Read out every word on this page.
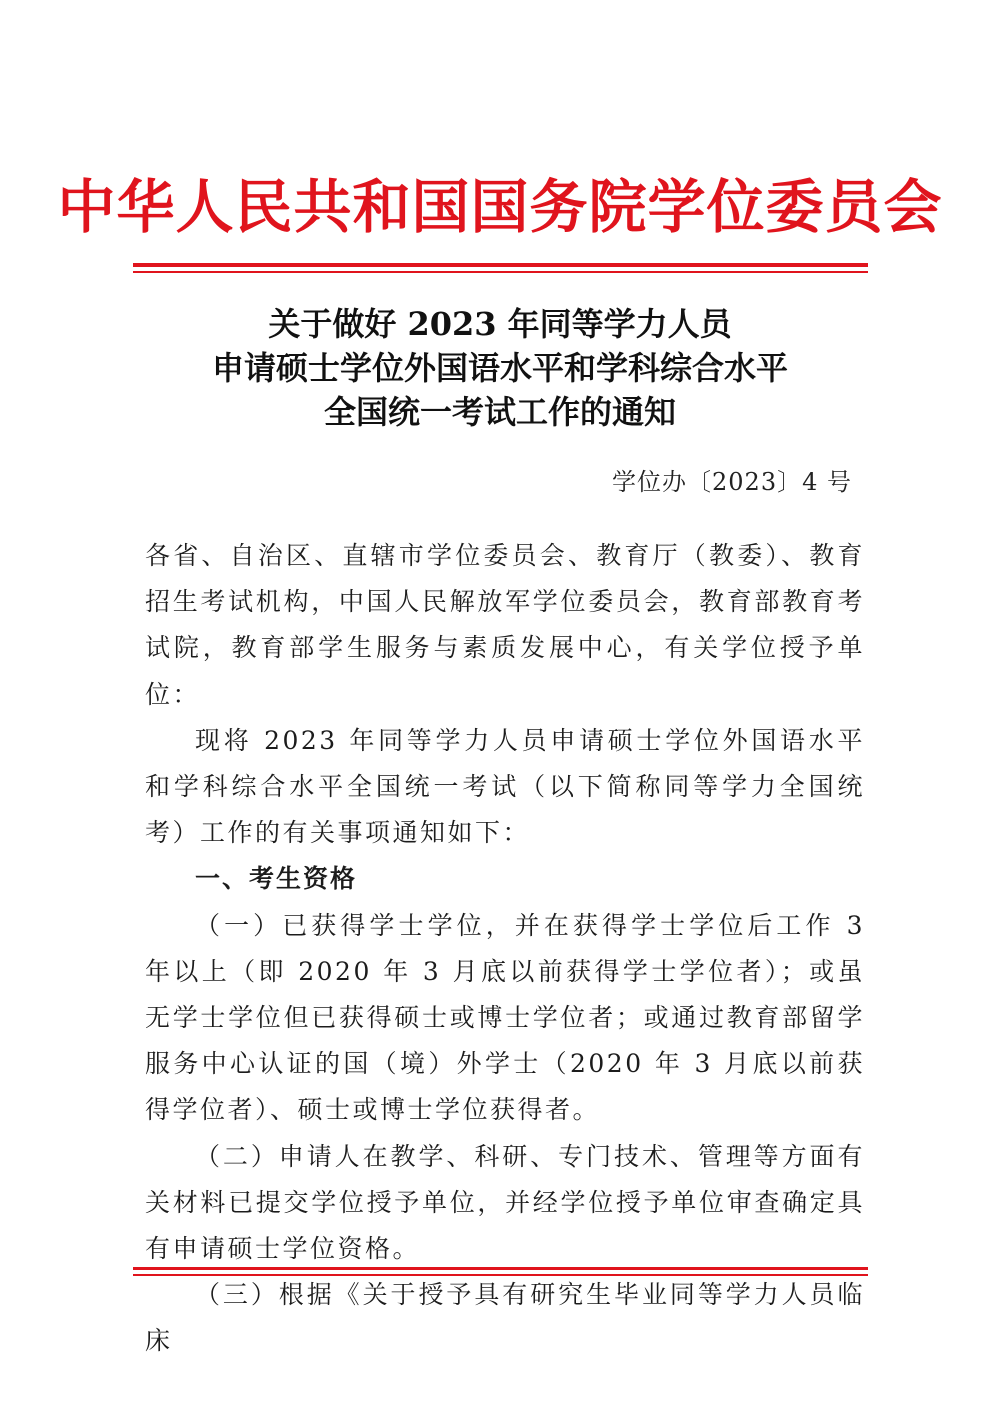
中华人民共和国国务院学位委员会
关于做好 2023 年同等学力人员
申请硕士学位外国语水平和学科综合水平
全国统一考试工作的通知
学位办〔2023〕4 号

各省、自治区、直辖市学位委员会、教育厅（教委）、教育招生考试机构，中国人民解放军学位委员会，教育部教育考试院，教育部学生服务与素质发展中心，有关学位授予单位：

现将 2023 年同等学力人员申请硕士学位外国语水平和学科综合水平全国统一考试（以下简称同等学力全国统考）工作的有关事项通知如下：

一、考生资格

（一）已获得学士学位，并在获得学士学位后工作 3 年以上（即 2020 年 3 月底以前获得学士学位者）；或虽无学士学位但已获得硕士或博士学位者；或通过教育部留学服务中心认证的国（境）外学士（2020 年 3 月底以前获得学位者）、硕士或博士学位获得者。

（二）申请人在教学、科研、专门技术、管理等方面有关材料已提交学位授予单位，并经学位授予单位审查确定具有申请硕士学位资格。

（三）根据《关于授予具有研究生毕业同等学力人员临床
